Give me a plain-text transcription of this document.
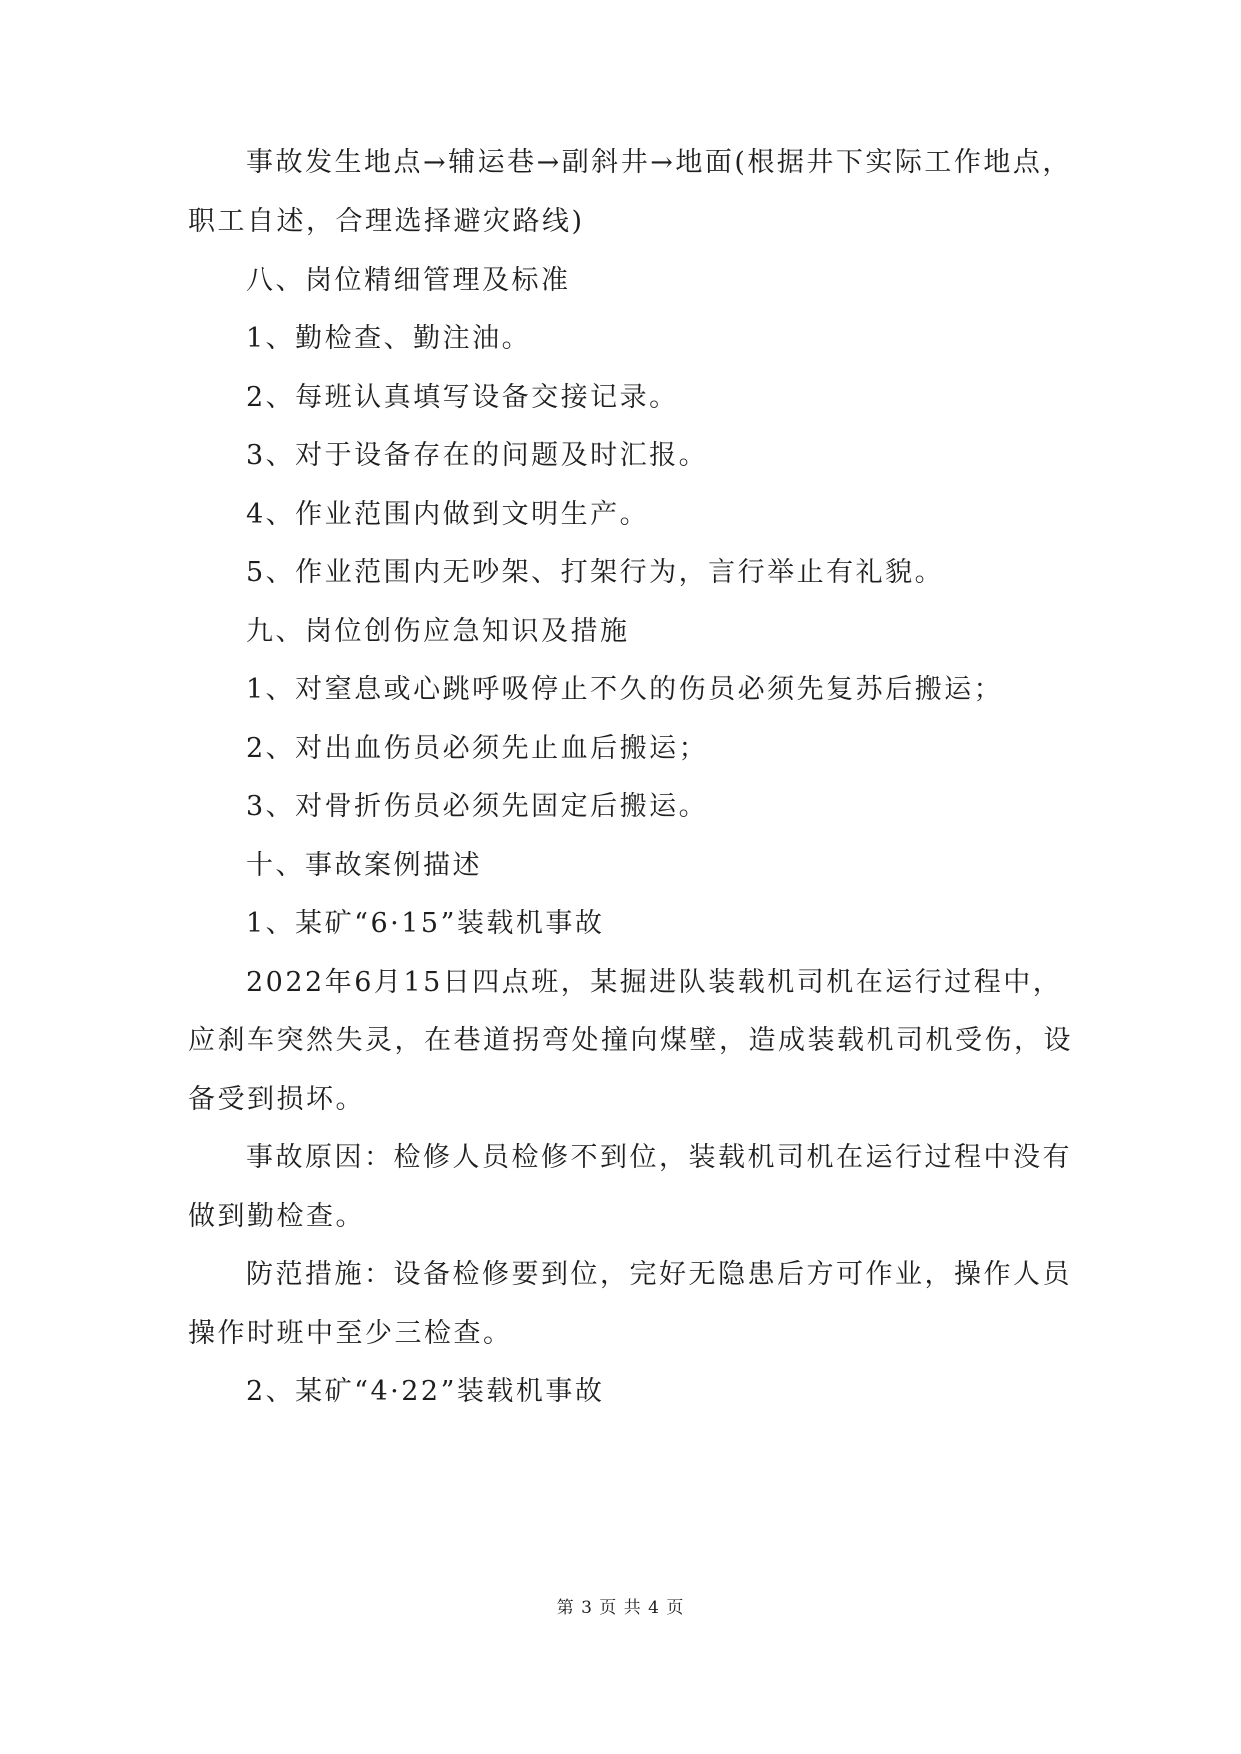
事故发生地点→辅运巷→副斜井→地面(根据井下实际工作地点，
职工自述，合理选择避灾路线)
八、岗位精细管理及标准
1、勤检查、勤注油。
2、每班认真填写设备交接记录。
3、对于设备存在的问题及时汇报。
4、作业范围内做到文明生产。
5、作业范围内无吵架、打架行为，言行举止有礼貌。
九、岗位创伤应急知识及措施
1、对窒息或心跳呼吸停止不久的伤员必须先复苏后搬运；
2、对出血伤员必须先止血后搬运；
3、对骨折伤员必须先固定后搬运。
十、事故案例描述
1、某矿“6·15”装载机事故
2022年6月15日四点班，某掘进队装载机司机在运行过程中，
应刹车突然失灵，在巷道拐弯处撞向煤壁，造成装载机司机受伤，设
备受到损坏。
事故原因：检修人员检修不到位，装载机司机在运行过程中没有
做到勤检查。
防范措施：设备检修要到位，完好无隐患后方可作业，操作人员
操作时班中至少三检查。
2、某矿“4·22”装载机事故
第 3 页 共 4 页
